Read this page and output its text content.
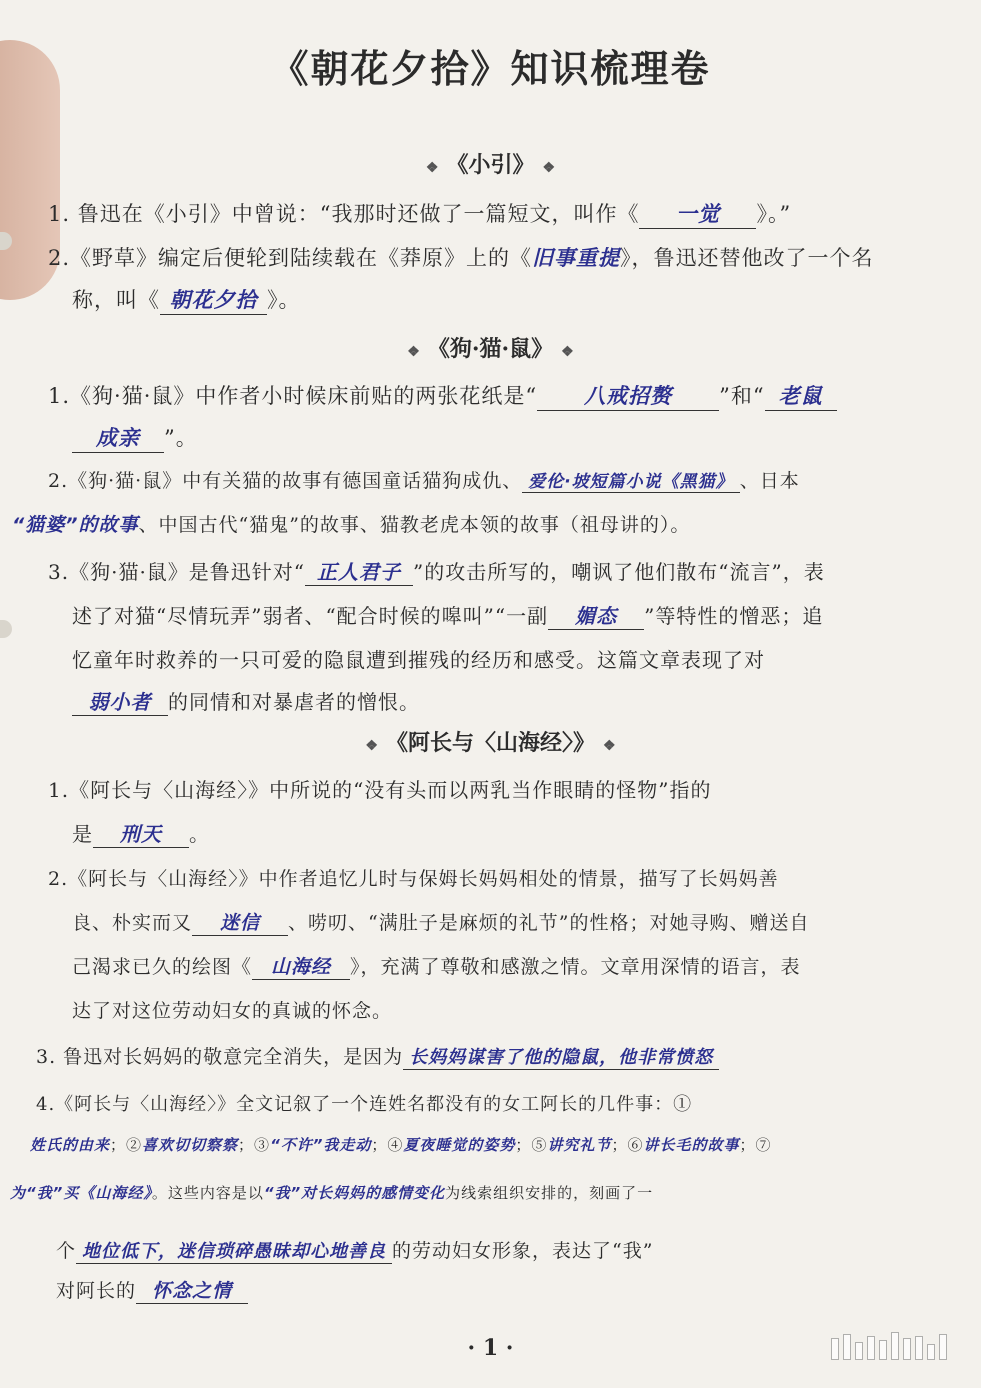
《朝花夕拾》知识梳理卷
❖ 《小引》 ❖
1. 鲁迅在《小引》中曾说：“我那时还做了一篇短文，叫作《 一觉 》。”
2.《野草》编定后便轮到陆续载在《莽原》上的《旧事重提》，鲁迅还替他改了一个名
称，叫《 朝花夕拾 》。
❖ 《狗·猫·鼠》 ❖
1.《狗·猫·鼠》中作者小时候床前贴的两张花纸是“ 八戒招赘 ”和“ 老鼠
成亲 ”。
2.《狗·猫·鼠》中有关猫的故事有德国童话猫狗成仇、 爱伦·坡短篇小说《黑猫》 、日本
“猫婆”的故事、中国古代“猫鬼”的故事、猫教老虎本领的故事（祖母讲的）。
3.《狗·猫·鼠》是鲁迅针对“ 正人君子 ”的攻击所写的，嘲讽了他们散布“流言”，表
述了对猫“尽情玩弄”弱者、“配合时候的嗥叫”“一副 媚态 ”等特性的憎恶；追
忆童年时救养的一只可爱的隐鼠遭到摧残的经历和感受。这篇文章表现了对
弱小者 的同情和对暴虐者的憎恨。
❖ 《阿长与〈山海经〉》 ❖
1.《阿长与〈山海经〉》中所说的“没有头而以两乳当作眼睛的怪物”指的
是 刑天 。
2.《阿长与〈山海经〉》中作者追忆儿时与保姆长妈妈相处的情景，描写了长妈妈善
良、朴实而又 迷信 、唠叨、“满肚子是麻烦的礼节”的性格；对她寻购、赠送自
己渴求已久的绘图《 山海经 》，充满了尊敬和感激之情。文章用深情的语言，表
达了对这位劳动妇女的真诚的怀念。
3. 鲁迅对长妈妈的敬意完全消失，是因为 长妈妈谋害了他的隐鼠，他非常愤怒
4.《阿长与〈山海经〉》全文记叙了一个连姓名都没有的女工阿长的几件事：①
姓氏的由来；②喜欢切切察察；③“不许”我走动；④夏夜睡觉的姿势；⑤讲究礼节；⑥讲长毛的故事；⑦
为“我”买《山海经》。这些内容是以“我”对长妈妈的感情变化为线索组织安排的，刻画了一
个 地位低下，迷信琐碎愚昧却心地善良 的劳动妇女形象，表达了“我”
对阿长的 怀念之情
· 1 ·
